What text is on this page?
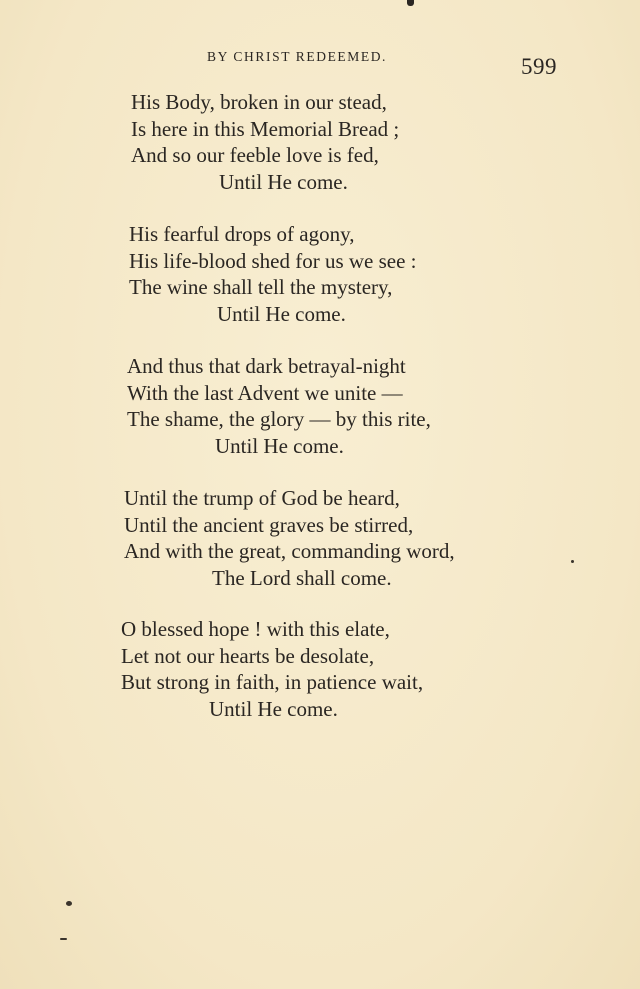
BY CHRIST REDEEMED.	599
His Body, broken in our stead,
Is here in this Memorial Bread ;
And so our feeble love is fed,
Until He come.
His fearful drops of agony,
His life-blood shed for us we see :
The wine shall tell the mystery,
Until He come.
And thus that dark betrayal-night
With the last Advent we unite —
The shame, the glory — by this rite,
Until He come.
Until the trump of God be heard,
Until the ancient graves be stirred,
And with the great, commanding word,
The Lord shall come.
O blessed hope ! with this elate,
Let not our hearts be desolate,
But strong in faith, in patience wait,
Until He come.
